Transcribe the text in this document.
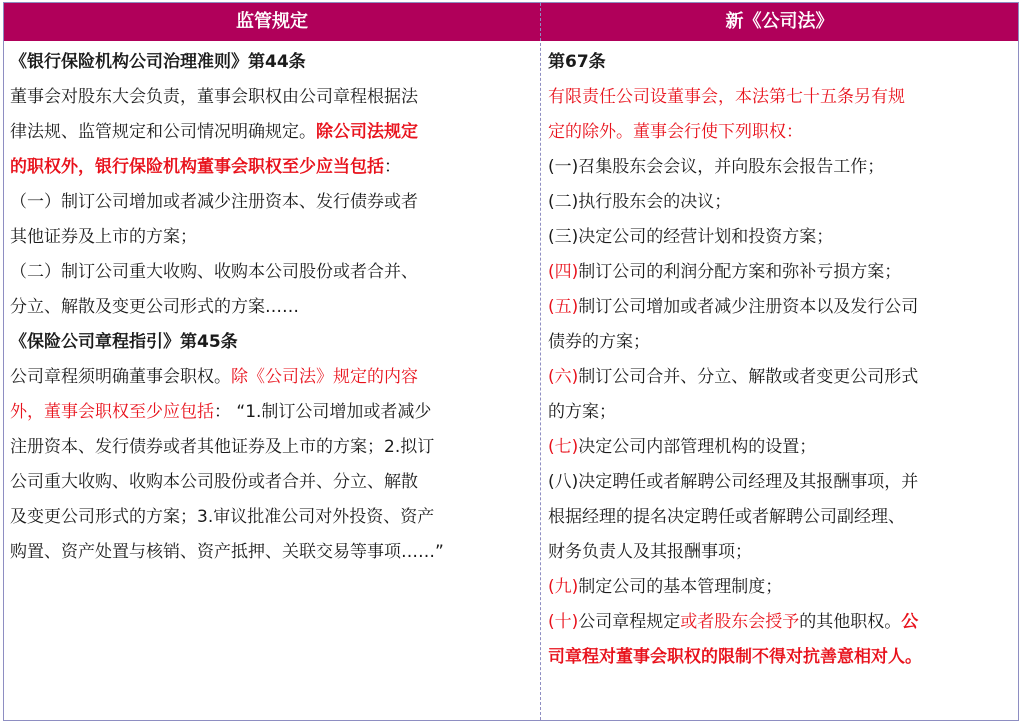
监管规定	新《公司法》
《银行保险机构公司治理准则》第44条
董事会对股东大会负责，董事会职权由公司章程根据法
律法规、监管规定和公司情况明确规定。除公司法规定
的职权外，银行保险机构董事会职权至少应当包括：
（一）制订公司增加或者减少注册资本、发行债券或者
其他证券及上市的方案；
（二）制订公司重大收购、收购本公司股份或者合并、
分立、解散及变更公司形式的方案……
《保险公司章程指引》第45条
公司章程须明确董事会职权。除《公司法》规定的内容
外，董事会职权至少应包括： “1.制订公司增加或者减少
注册资本、发行债券或者其他证券及上市的方案；2.拟订
公司重大收购、收购本公司股份或者合并、分立、解散
及变更公司形式的方案；3.审议批准公司对外投资、资产
购置、资产处置与核销、资产抵押、关联交易等事项……”
第67条
有限责任公司设董事会，本法第七十五条另有规
定的除外。董事会行使下列职权：
(一)召集股东会会议，并向股东会报告工作；
(二)执行股东会的决议；
(三)决定公司的经营计划和投资方案；
(四)制订公司的利润分配方案和弥补亏损方案；
(五)制订公司增加或者减少注册资本以及发行公司
债券的方案；
(六)制订公司合并、分立、解散或者变更公司形式
的方案；
(七)决定公司内部管理机构的设置；
(八)决定聘任或者解聘公司经理及其报酬事项，并
根据经理的提名决定聘任或者解聘公司副经理、
财务负责人及其报酬事项；
(九)制定公司的基本管理制度；
(十)公司章程规定或者股东会授予的其他职权。公
司章程对董事会职权的限制不得对抗善意相对人。
